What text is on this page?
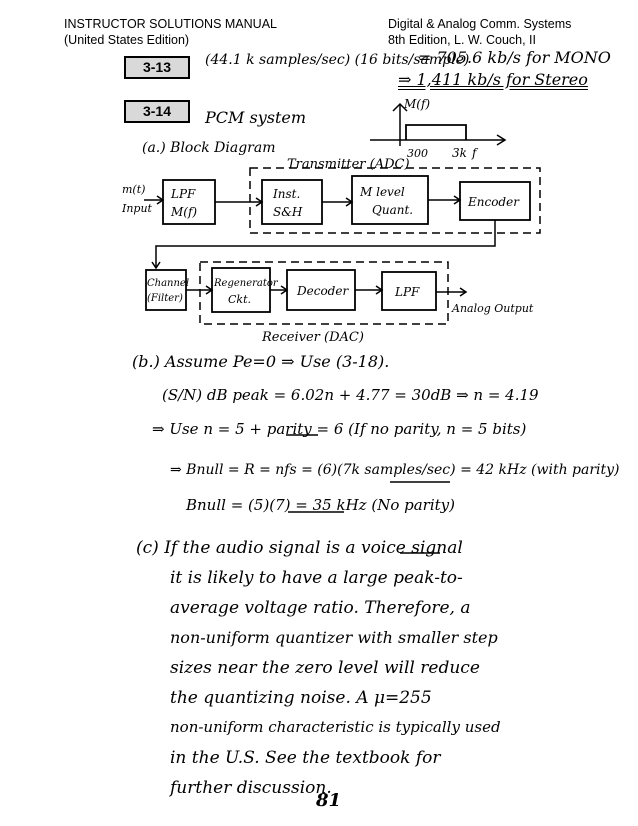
INSTRUCTOR SOLUTIONS MANUAL
(United States Edition)
Digital & Analog Comm. Systems
8th Edition, L. W. Couch, II
3-13	(44.1 k samples/sec) (16 bits/sample)
= 705.6 kb/s for MONO
⇒ 1,411 kb/s for Stereo
3-14	PCM system
M(f)
300 3k f
(a.) Block Diagram
Transmitter (ADC)
m(t)
Input
LPF
M(f)
Inst.
S&H
M level
Quant.
Encoder
Channel
(Filter)
Receiver (DAC)
Regenerator
Ckt.
Decoder	LPF
Analog Output
(b.) Assume Pe=0 ⇒ Use (3-18).
(S/N) dB peak = 6.02n + 4.77 = 30dB ⇒ n = 4.19
⇒ Use n = 5 + parity = 6 (If no parity, n = 5 bits)
⇒ Bnull = R = nfs = (6)(7k samples/sec) = 42 kHz (with parity)
Bnull = (5)(7) = 35 kHz (No parity)
(c) If the audio signal is a voice signal
it is likely to have a large peak-to-
average voltage ratio. Therefore, a
non-uniform quantizer with smaller step
sizes near the zero level will reduce
the quantizing noise. A μ=255
non-uniform characteristic is typically used
in the U.S. See the textbook for
further discussion.
81
